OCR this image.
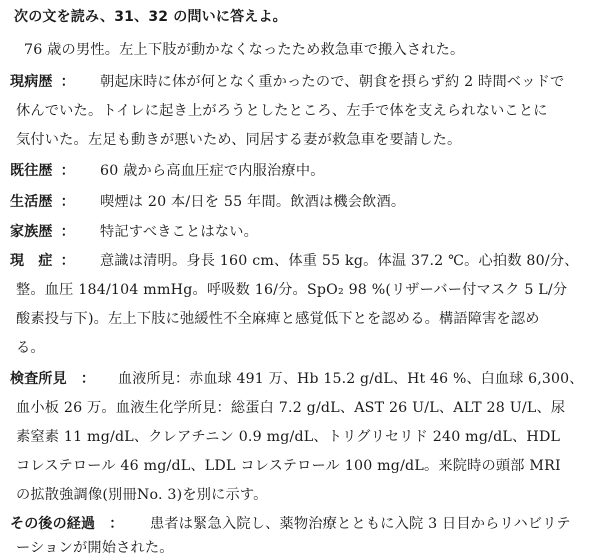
次の文を読み、31、32 の問いに答えよ。
76 歳の男性。左上下肢が動かなくなったため救急車で搬入された。
現病歴 ： 朝起床時に体が何となく重かったので、朝食を摂らず約 2 時間ベッドで
休んでいた。トイレに起き上がろうとしたところ、左手で体を支えられないことに
気付いた。左足も動きが悪いため、同居する妻が救急車を要請した。
既往歴 ： 60 歳から高血圧症で内服治療中。
生活歴 ： 喫煙は 20 本/日を 55 年間。飲酒は機会飲酒。
家族歴 ： 特記すべきことはない。
現　症 ： 意識は清明。身長 160 cm、体重 55 kg。体温 37.2 ℃。心拍数 80/分、
整。血圧 184/104 mmHg。呼吸数 16/分。SpO₂ 98 %(リザーバー付マスク 5 L/分
酸素投与下)。左上下肢に弛緩性不全麻痺と感覚低下とを認める。構語障害を認め
る。
検査所見 ： 血液所見：赤血球 491 万、Hb 15.2 g/dL、Ht 46 %、白血球 6,300、
血小板 26 万。血液生化学所見：総蛋白 7.2 g/dL、AST 26 U/L、ALT 28 U/L、尿
素窒素 11 mg/dL、クレアチニン 0.9 mg/dL、トリグリセリド 240 mg/dL、HDL
コレステロール 46 mg/dL、LDL コレステロール 100 mg/dL。来院時の頭部 MRI
の拡散強調像(別冊No. 3)を別に示す。
その後の経過 ： 患者は緊急入院し、薬物治療とともに入院 3 日目からリハビリテ
ーションが開始された。
